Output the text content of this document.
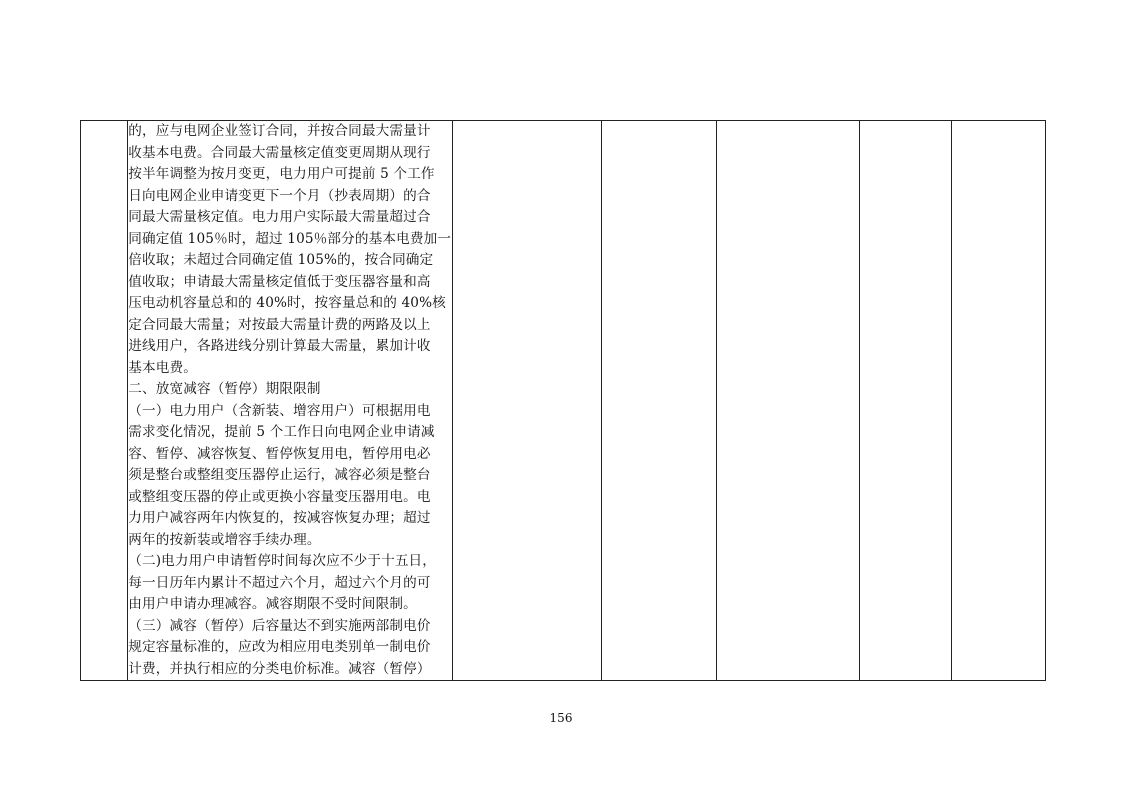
的，应与电网企业签订合同，并按合同最大需量计
收基本电费。合同最大需量核定值变更周期从现行
按半年调整为按月变更，电力用户可提前 5 个工作
日向电网企业申请变更下一个月（抄表周期）的合
同最大需量核定值。电力用户实际最大需量超过合
同确定值 105％时，超过 105％部分的基本电费加一
倍收取；未超过合同确定值 105%的，按合同确定
值收取；申请最大需量核定值低于变压器容量和高
压电动机容量总和的 40%时，按容量总和的 40%核
定合同最大需量；对按最大需量计费的两路及以上
进线用户，各路进线分别计算最大需量，累加计收
基本电费。
二、放宽减容（暂停）期限限制
（一）电力用户（含新装、增容用户）可根据用电
需求变化情况，提前 5 个工作日向电网企业申请减
容、暂停、减容恢复、暂停恢复用电，暂停用电必
须是整台或整组变压器停止运行，减容必须是整台
或整组变压器的停止或更换小容量变压器用电。电
力用户减容两年内恢复的，按减容恢复办理；超过
两年的按新装或增容手续办理。
（二)电力用户申请暂停时间每次应不少于十五日，
每一日历年内累计不超过六个月，超过六个月的可
由用户申请办理减容。减容期限不受时间限制。
（三）减容（暂停）后容量达不到实施两部制电价
规定容量标准的，应改为相应用电类别单一制电价
计费，并执行相应的分类电价标准。减容（暂停）

156
